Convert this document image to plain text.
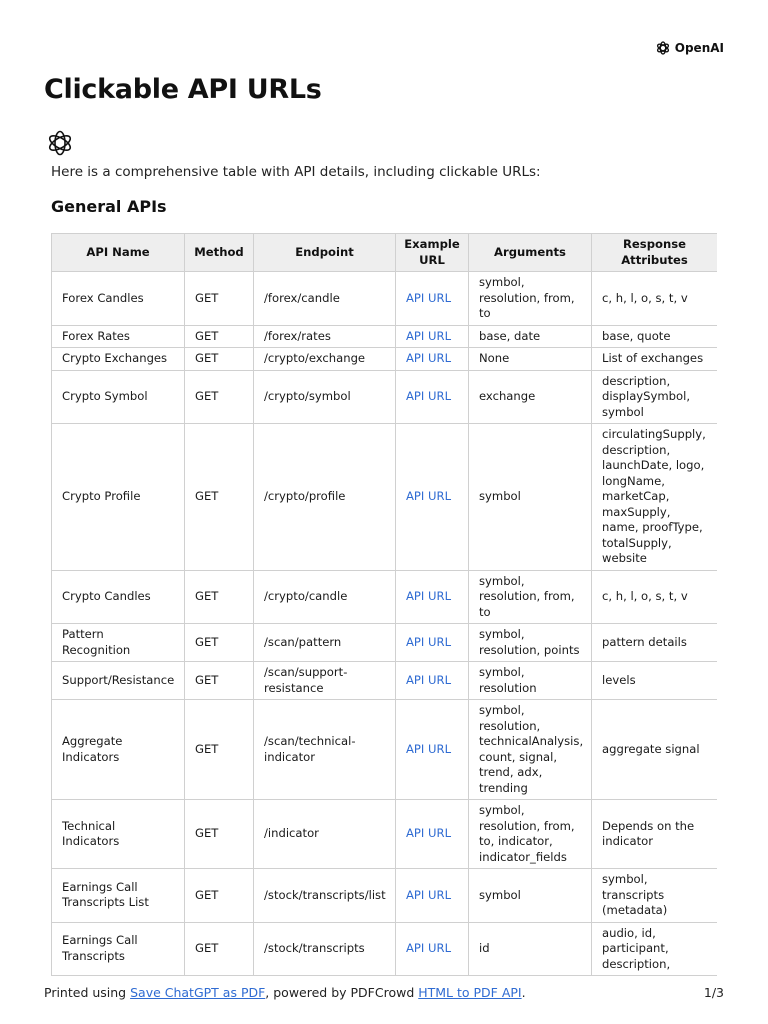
OpenAI
Clickable API URLs
Here is a comprehensive table with API details, including clickable URLs:
General APIs
API Name	Method	Endpoint	Example URL	Arguments	Response Attributes
Forex Candles	GET	/forex/candle	API URL	symbol, resolution, from, to	c, h, l, o, s, t, v
Forex Rates	GET	/forex/rates	API URL	base, date	base, quote
Crypto Exchanges	GET	/crypto/exchange	API URL	None	List of exchanges
Crypto Symbol	GET	/crypto/symbol	API URL	exchange	description, displaySymbol, symbol
Crypto Profile	GET	/crypto/profile	API URL	symbol	circulatingSupply, description, launchDate, logo, longName, marketCap, maxSupply, name, proofType, totalSupply, website
Crypto Candles	GET	/crypto/candle	API URL	symbol, resolution, from, to	c, h, l, o, s, t, v
Pattern Recognition	GET	/scan/pattern	API URL	symbol, resolution, points	pattern details
Support/Resistance	GET	/scan/support-resistance	API URL	symbol, resolution	levels
Aggregate Indicators	GET	/scan/technical-indicator	API URL	symbol, resolution, technicalAnalysis, count, signal, trend, adx, trending	aggregate signal
Technical Indicators	GET	/indicator	API URL	symbol, resolution, from, to, indicator, indicator_fields	Depends on the indicator
Earnings Call Transcripts List	GET	/stock/transcripts/list	API URL	symbol	symbol, transcripts (metadata)
Earnings Call Transcripts	GET	/stock/transcripts	API URL	id	audio, id, participant, description,
Printed using Save ChatGPT as PDF, powered by PDFCrowd HTML to PDF API.	1/3
